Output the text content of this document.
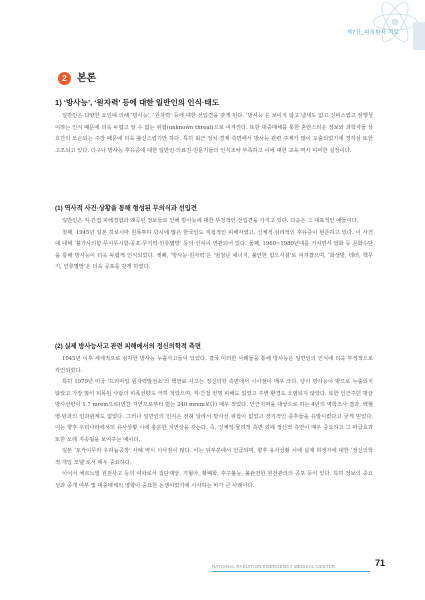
제7장_피폭환자 치료
2	본론
1) ‘방사능’, ‘원자력’ 등에 대한 일반인의 인식·태도

일반인은 다양한 요인에 의해 ‘방사능’, ‘원자력’ 등에 대한 선입견을 갖게 된다. ‘방사능’은 보이지 않고 냄새도 없고 신비스럽고 잠행성이라는 인식 때문에 더욱 두렵고 알 수 없는 위협(unknown threat)으로 여겨진다. 또한 대중매체를 통한 혼란스러운 정보와 과학자들 상호간의 모순되는 주장 때문에 더욱 불신스럽기만 하다. 특히 최근 정치·경제 측면에서 방사능 관련 주제가 많이 도출되었기에 경각심 또한 고조되고 있다. 더구나 방사능 후유증에 대한 일반인·의료진·전문기들의 인식조차 부족하고 이에 대한 교육 역시 미비한 실정이다.

(1) 역사적 사건·상황을 통해 형성된 무의식과 선입견

일반인은 직·간접 피해경험과 왜곡된 정보들로 인해 방사능에 대한 부정적인 선입견을 가지고 있다. 다음은 그 대표적인 예들이다.

첫째, 1945년 일본 히로시마 원폭투하 당시에 많은 한국인도 직접적인 피해자였고, 신체적·심리적인 후유증이 현존하고 있다. 이 사건에 대해 ‘불가사의함·무시무시함·공포·무기력·인류멸망’ 등의 인식이 연관되어 있다. 둘째, 1960~1980년대를 거치면서 영화 등 문화수단을 통해 방사능이 더욱 두렵게 인식되었다. 셋째, ‘방사능·원자력’은 ‘엄청난 에너지, 불안한 힘으시설’로 여겨졌으며, ‘화생방, 테러, 핵무기, 인류멸망’은 더욱 공포를 갖게 하였다.

(2) 실제 방사능사고 관련 피해에서의 정신의학적 측면

1945년 이후 세계적으로 심각한 방사능 누출사고들이 있었다. 결국 이러한 사례들을 통해 방사능은 일반인의 인식에 더욱 부정적으로 각인되었다.

특히 1979년 미국 ‘드리마일 원자력발전소’의 핵연료 사고는 정신의학 측면에서 시사점이 매우 크다. 당시 방사능이 밖으로 누출되지 않았고 가장 많이 피폭된 사람의 피폭선량도 극히 적었으며, 직·간접 인명 피해도 없었고 주변 환경도 오염되지 않았다. 또한 인근주민 평균 방사선량이 1.7 mrem으로(연간 자연으로부터 받는 240 mrem보다) 매우 적었다. 인근지역을 대상으로 하는 4년의 역학조사 결과, 백혈병·암과의 인과관계도 없었다. 그러나 일반인의 인식은 전혀 달라서 방사선 위험이 없었고 장기적인 증후들을 유발시켰다고 굳게 믿었다. 이는 향후 우리나라에서의 유사상황 시에 충분한 지연상을 갖는다. 즉, 신체적·물리적 측면 외에 정신적 측면이 매우 중요하고 그 파급효과 또한 오래 지속됨을 보여주는 예이다.

일본 ‘토카이무라 우라늄공장’ 사례 역시 시사점이 많다. 이는 뒤부분에서 언급되며, 향후 유사상황 시에 실제 희생자에 대한 ‘정신의학적 개입 모델’로서 매우 중요하다.

이어서 체르노빌 원전사고 등의 여파로서 집단재앙, 기형아, 황폐화, 후구불능, 불완전한 원전관리의 공포 등이 있다. 특히 정보의 중요성과 공개 여부 및 대중매체의 영향이 중요한 논쟁이었기에 시사하는 바가 큰 사례이다.

NATIONAL RADIATION EMERGENCY MEDICAL CENTER	71
